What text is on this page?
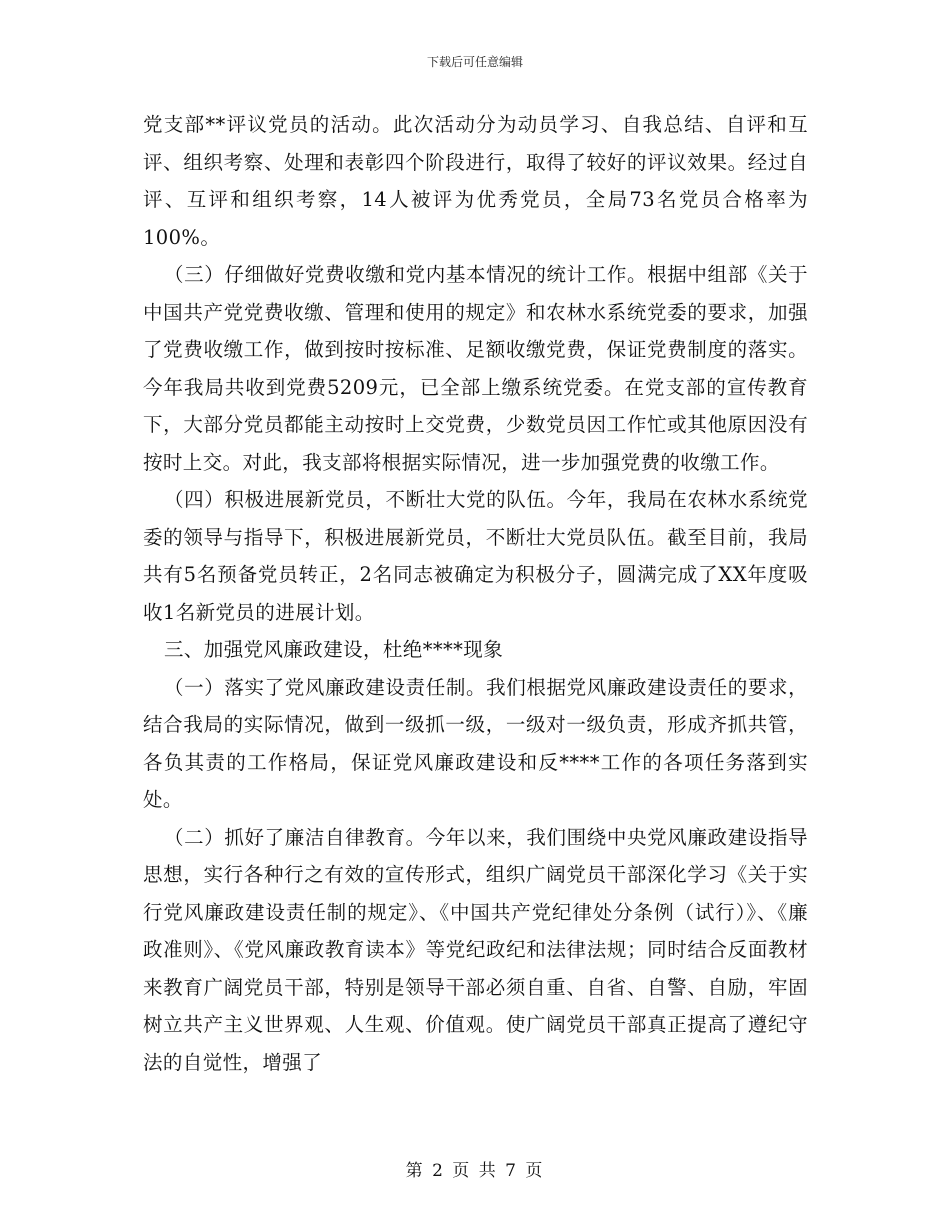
下载后可任意编辑

党支部**评议党员的活动。此次活动分为动员学习、自我总结、自评和互评、组织考察、处理和表彰四个阶段进行，取得了较好的评议效果。经过自评、互评和组织考察，14人被评为优秀党员，全局73名党员合格率为100%。

（三）仔细做好党费收缴和党内基本情况的统计工作。根据中组部《关于中国共产党党费收缴、管理和使用的规定》和农林水系统党委的要求，加强了党费收缴工作，做到按时按标准、足额收缴党费，保证党费制度的落实。今年我局共收到党费5209元，已全部上缴系统党委。在党支部的宣传教育下，大部分党员都能主动按时上交党费，少数党员因工作忙或其他原因没有按时上交。对此，我支部将根据实际情况，进一步加强党费的收缴工作。

（四）积极进展新党员，不断壮大党的队伍。今年，我局在农林水系统党委的领导与指导下，积极进展新党员，不断壮大党员队伍。截至目前，我局共有5名预备党员转正，2名同志被确定为积极分子，圆满完成了XX年度吸收1名新党员的进展计划。

三、加强党风廉政建设，杜绝****现象

（一）落实了党风廉政建设责任制。我们根据党风廉政建设责任的要求，结合我局的实际情况，做到一级抓一级，一级对一级负责，形成齐抓共管，各负其责的工作格局，保证党风廉政建设和反****工作的各项任务落到实处。

（二）抓好了廉洁自律教育。今年以来，我们围绕中央党风廉政建设指导思想，实行各种行之有效的宣传形式，组织广阔党员干部深化学习《关于实行党风廉政建设责任制的规定》、《中国共产党纪律处分条例（试行）》、《廉政准则》、《党风廉政教育读本》等党纪政纪和法律法规；同时结合反面教材来教育广阔党员干部，特别是领导干部必须自重、自省、自警、自励，牢固树立共产主义世界观、人生观、价值观。使广阔党员干部真正提高了遵纪守法的自觉性，增强了

第 2 页 共 7 页
